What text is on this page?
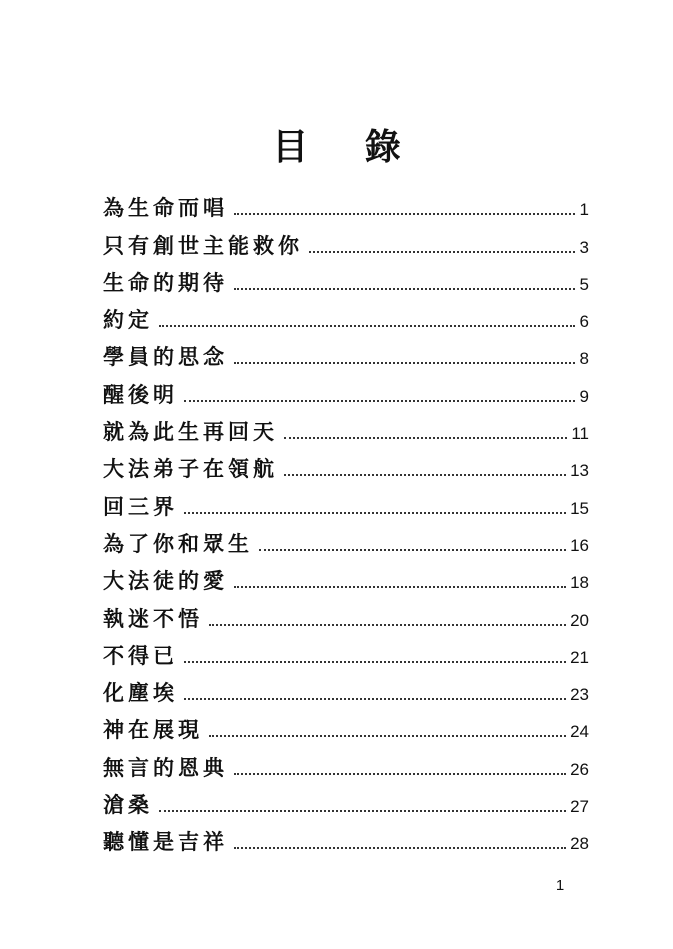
目 錄
為生命而唱	1
只有創世主能救你	3
生命的期待	5
約定	6
學員的思念	8
醒後明	9
就為此生再回天	11
大法弟子在領航	13
回三界	15
為了你和眾生	16
大法徒的愛	18
執迷不悟	20
不得已	21
化塵埃	23
神在展現	24
無言的恩典	26
滄桑	27
聽懂是吉祥	28
1
